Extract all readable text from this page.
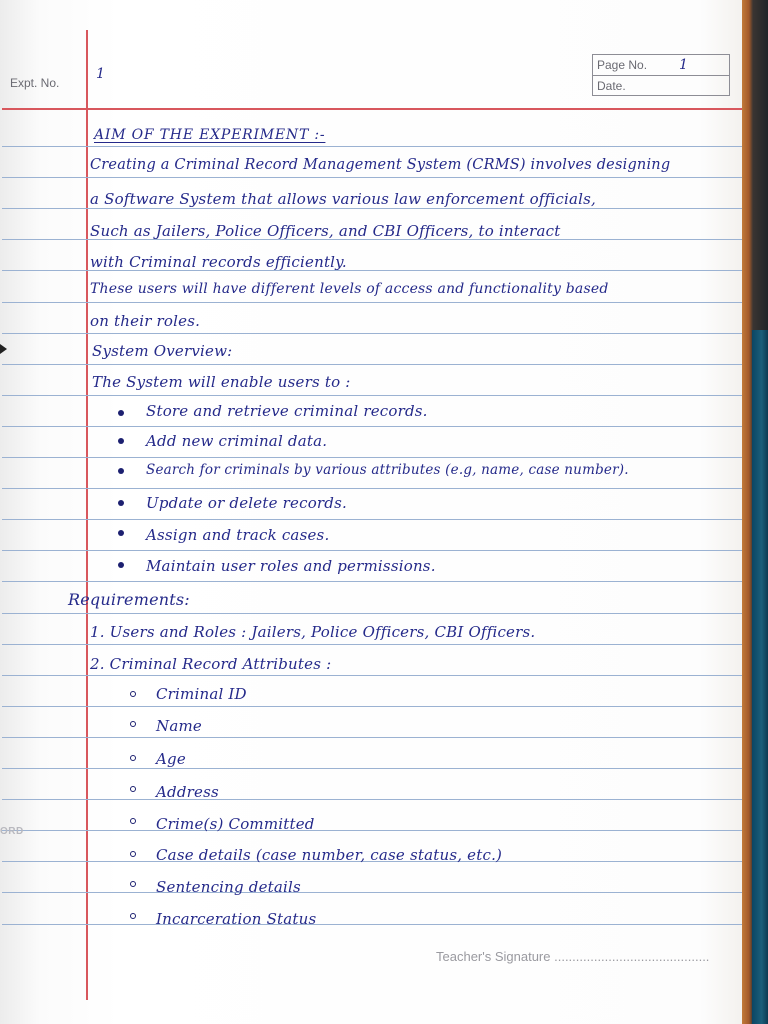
Expt. No.
1
Page No. 1
Date.
ORD
AIM OF THE EXPERIMENT :-
Creating a Criminal Record Management System (CRMS) involves designing
a Software System that allows various law enforcement officials,
Such as Jailers, Police Officers, and CBI Officers, to interact
with Criminal records efficiently.
These users will have different levels of access and functionality based
on their roles.
System Overview:
The System will enable users to :
Store and retrieve criminal records.
Add new criminal data.
Search for criminals by various attributes (e.g, name, case number).
Update or delete records.
Assign and track cases.
Maintain user roles and permissions.
Requirements:
1. Users and Roles : Jailers, Police Officers, CBI Officers.
2. Criminal Record Attributes :
Criminal ID
Name
Age
Address
Crime(s) Committed
Case details (case number, case status, etc.)
Sentencing details
Incarceration Status
Teacher's Signature ...........................................
